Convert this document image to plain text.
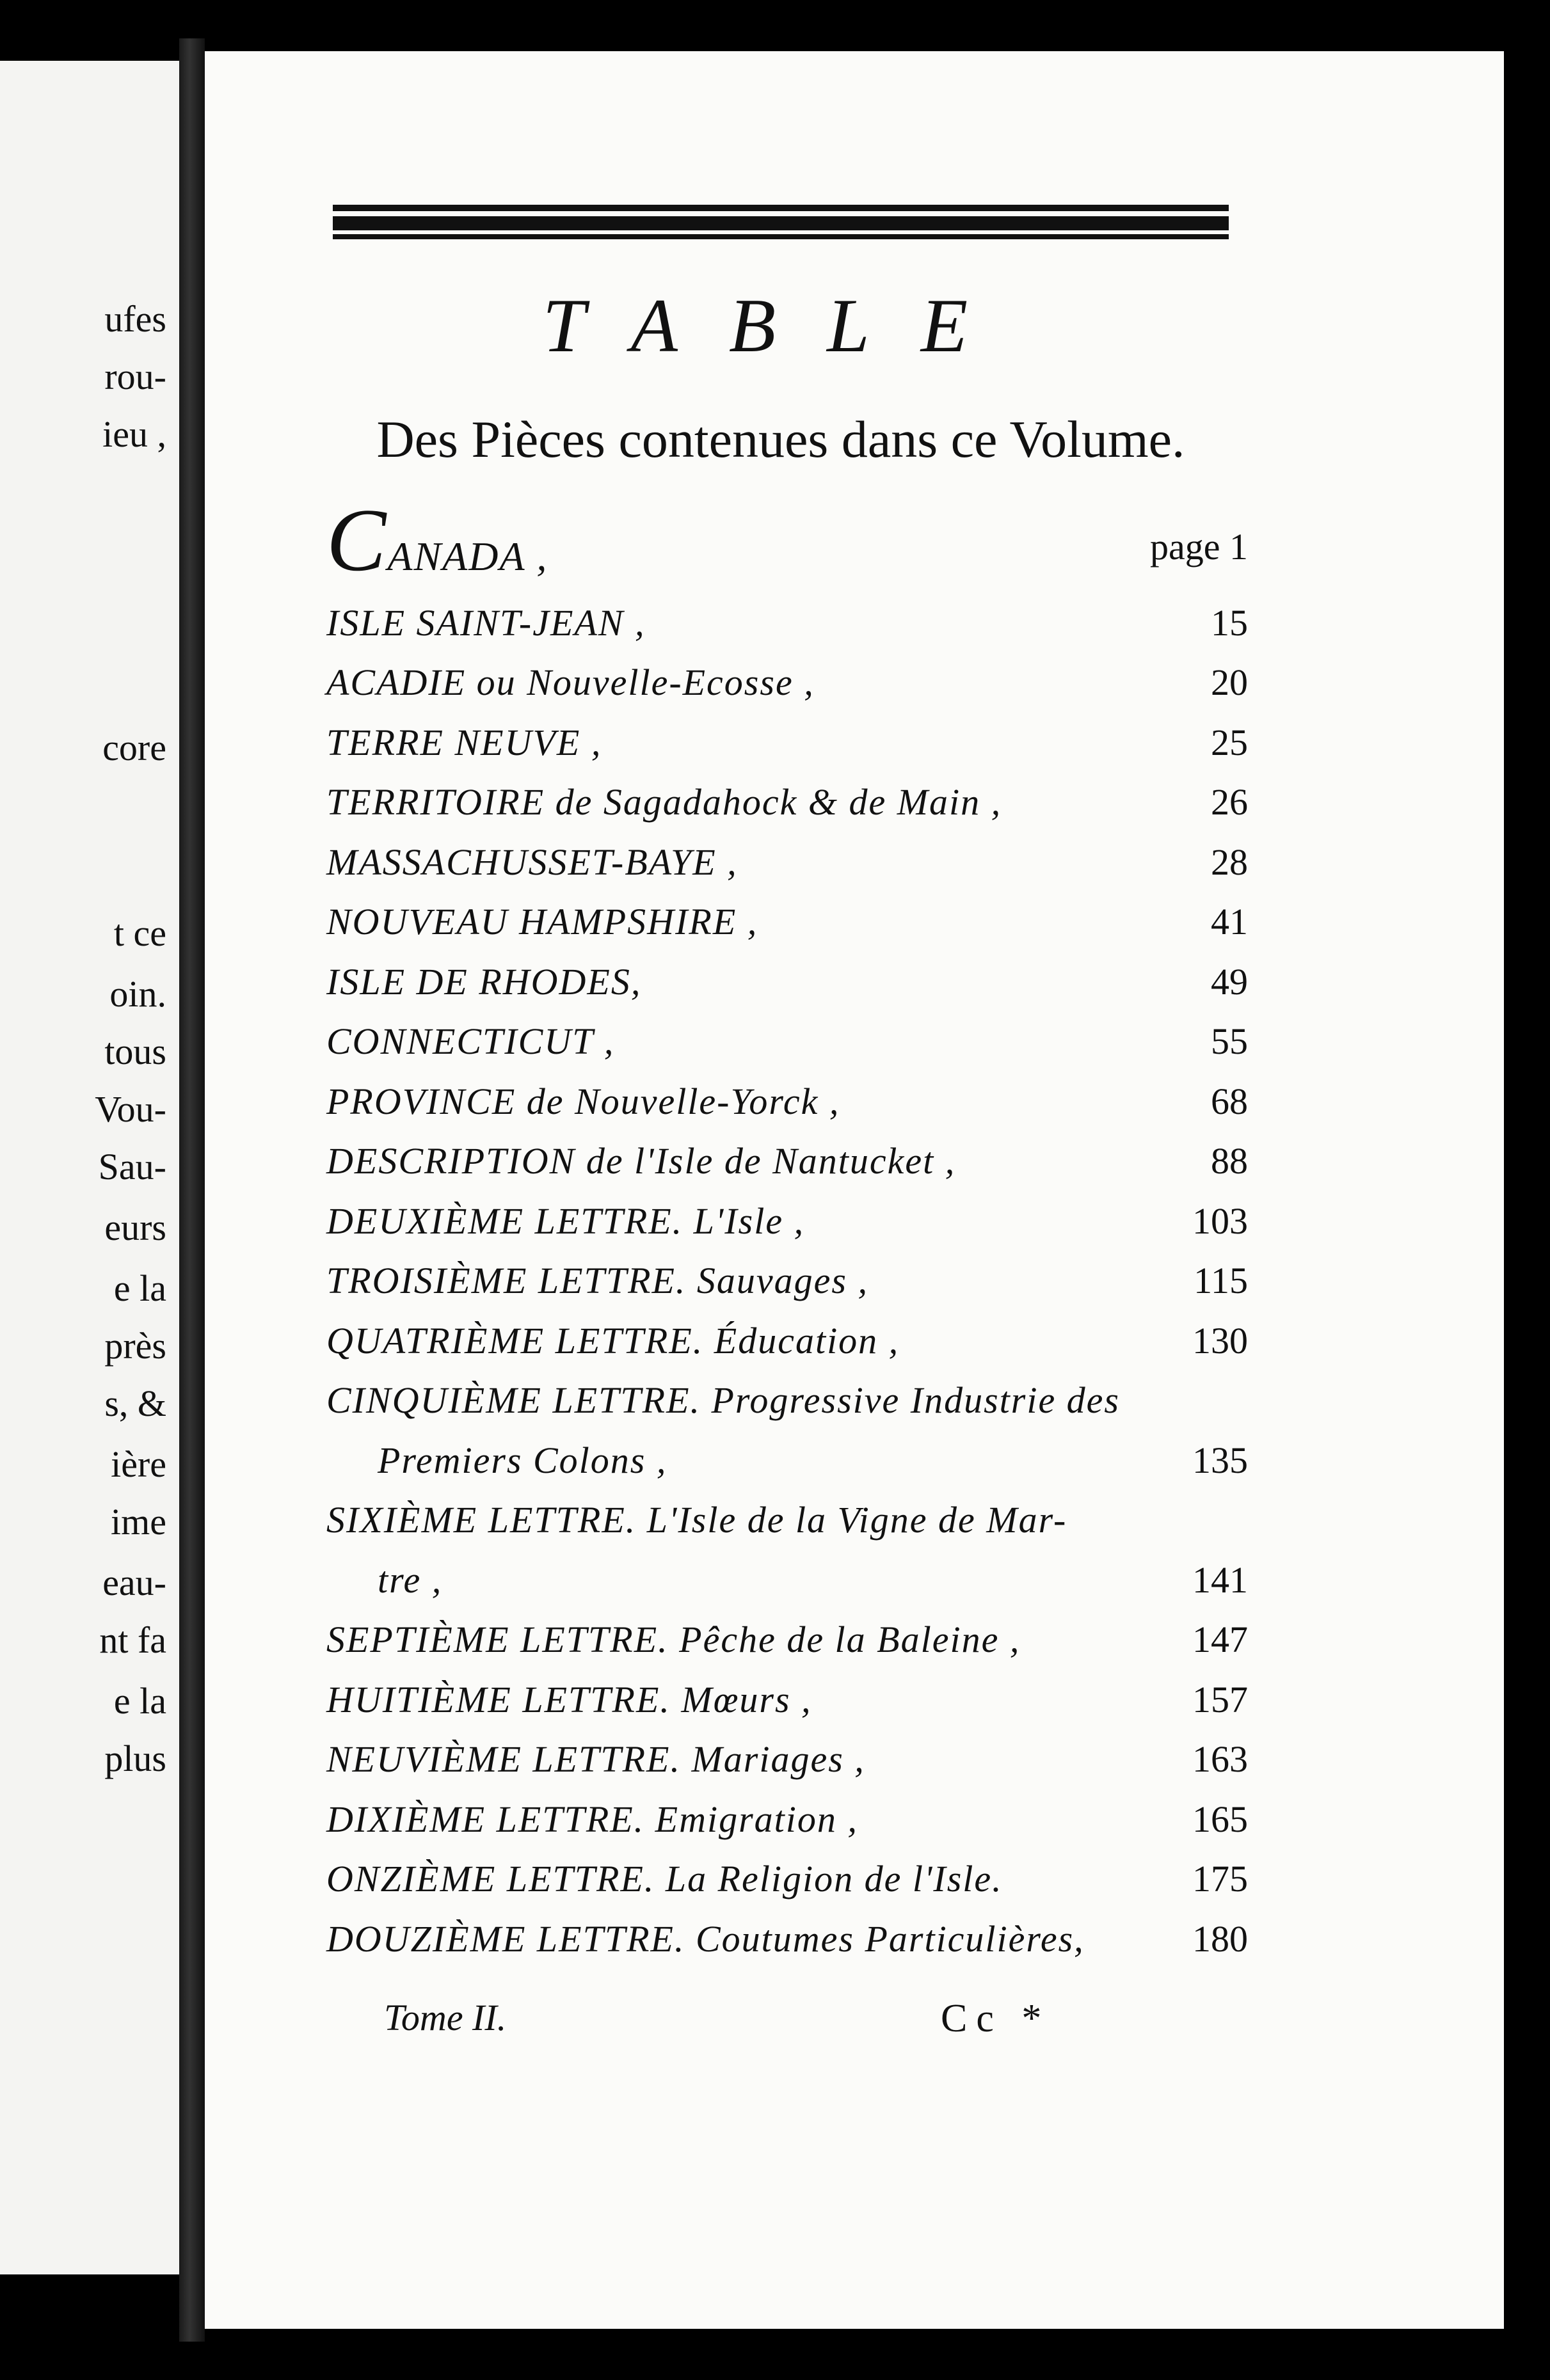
ufes
rou-
ieu ,
core
t ce
oin.
tous
Vou-
Sau-
eurs
e la
près
s, &
ière
ime
eau-
nt fa
e la
plus
TABLE
Des Pièces contenues dans ce Volume.
CANADA ,	page 1
ISLE SAINT-JEAN ,	15
ACADIE ou Nouvelle-Ecosse ,	20
TERRE NEUVE ,	25
TERRITOIRE de Sagadahock & de Main ,	26
MASSACHUSSET-BAYE ,	28
NOUVEAU HAMPSHIRE ,	41
ISLE DE RHODES,	49
CONNECTICUT ,	55
PROVINCE de Nouvelle-Yorck ,	68
DESCRIPTION de l'Isle de Nantucket ,	88
DEUXIÈME LETTRE. L'Isle ,	103
TROISIÈME LETTRE. Sauvages ,	115
QUATRIÈME LETTRE. Éducation ,	130
CINQUIÈME LETTRE. Progressive Industrie des
Premiers Colons ,	135
SIXIÈME LETTRE. L'Isle de la Vigne de Mar-
tre ,	141
SEPTIÈME LETTRE. Pêche de la Baleine ,	147
HUITIÈME LETTRE. Mœurs ,	157
NEUVIÈME LETTRE. Mariages ,	163
DIXIÈME LETTRE. Emigration ,	165
ONZIÈME LETTRE. La Religion de l'Isle.	175
DOUZIÈME LETTRE. Coutumes Particulières,	180
Tome II.	Cc *
